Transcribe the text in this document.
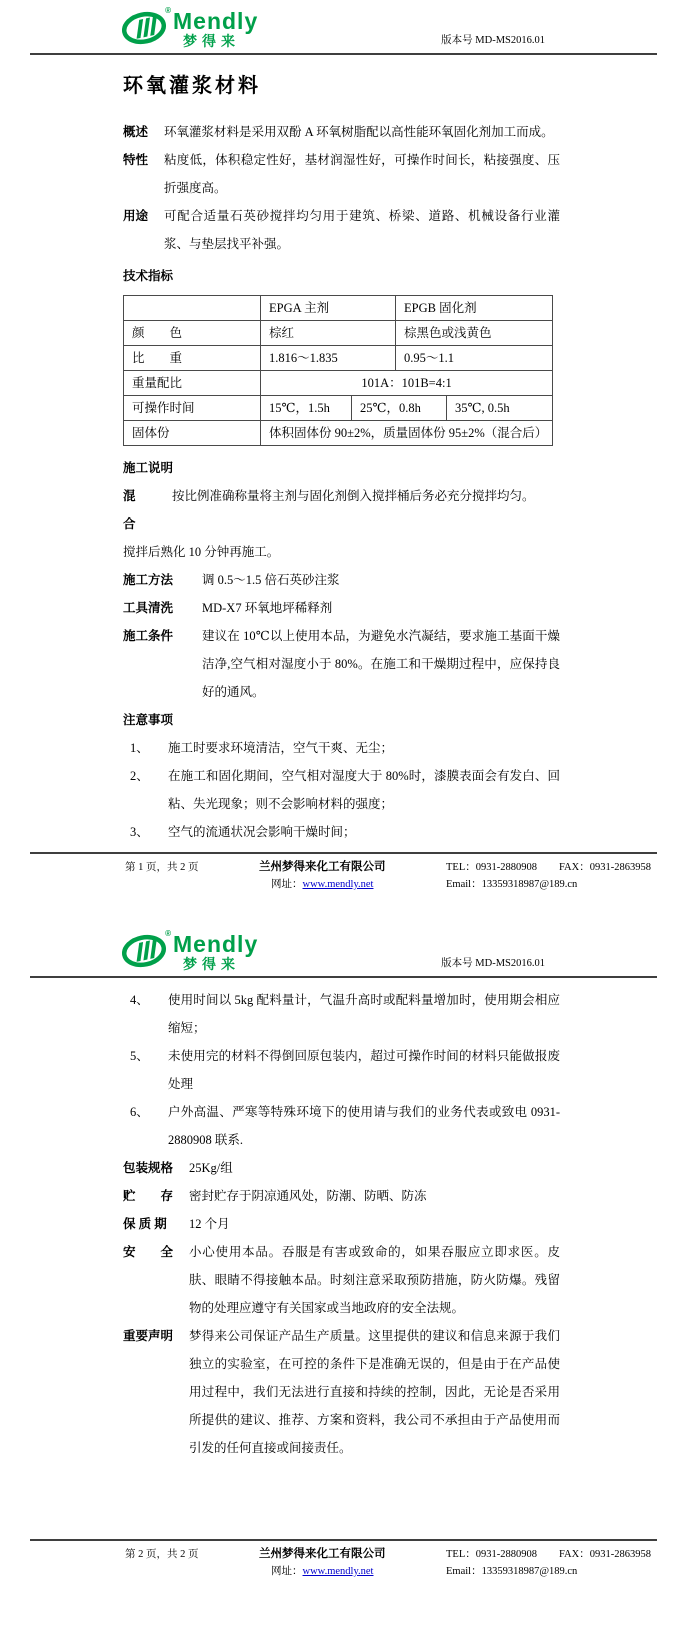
® Mendly
梦得来	版本号 MD-MS2016.01
环氧灌浆材料
概述	环氧灌浆材料是采用双酚 A 环氧树脂配以高性能环氧固化剂加工而成。
特性	粘度低，体积稳定性好，基材润湿性好，可操作时间长，粘接强度、压折强度高。
用途	可配合适量石英砂搅拌均匀用于建筑、桥梁、道路、机械设备行业灌浆、与垫层找平补强。
技术指标
	EPGA 主剂		EPGB 固化剂	
颜　　色	棕红		棕黑色或浅黄色	
比　　重	1.816～1.835		0.95～1.1	
重量配比	101A：101B=4:1			
可操作时间	15℃，1.5h	25℃，0.8h		35℃, 0.5h
固体份	体积固体份 90±2%，质量固体份 95±2%（混合后）			
施工说明
混　　合
按比例准确称量将主剂与固化剂倒入搅拌桶后务必充分搅拌均匀。
搅拌后熟化 10 分钟再施工。
施工方法	调 0.5～1.5 倍石英砂注浆
工具清洗	MD-X7 环氧地坪稀释剂
施工条件	建议在 10℃以上使用本品，为避免水汽凝结，要求施工基面干燥洁净,空气相对湿度小于 80%。在施工和干燥期过程中，应保持良好的通风。
注意事项
1、	施工时要求环境清洁，空气干爽、无尘；
2、	在施工和固化期间，空气相对湿度大于 80%时，漆膜表面会有发白、回粘、失光现象；则不会影响材料的强度；
3、	空气的流通状况会影响干燥时间；
第 1 页，共 2 页	兰州梦得来化工有限公司
网址：www.mendly.net
TEL：0931-2880908 FAX：0931-2863958
Email：13359318987@189.cn
® Mendly
梦得来	版本号 MD-MS2016.01
4、	使用时间以 5kg 配料量计，气温升高时或配料量增加时，使用期会相应缩短；
5、	未使用完的材料不得倒回原包装内，超过可操作时间的材料只能做报废处理
6、	户外高温、严寒等特殊环境下的使用请与我们的业务代表或致电 0931-2880908 联系.
包装规格	25Kg/组
贮　　存	密封贮存于阴凉通风处，防潮、防晒、防冻
保 质 期	12 个月
安　　全	小心使用本品。吞服是有害或致命的，如果吞服应立即求医。皮肤、眼睛不得接触本品。时刻注意采取预防措施，防火防爆。残留物的处理应遵守有关国家或当地政府的安全法规。
重要声明	梦得来公司保证产品生产质量。这里提供的建议和信息来源于我们独立的实验室，在可控的条件下是准确无误的，但是由于在产品使用过程中，我们无法进行直接和持续的控制，因此，无论是否采用所提供的建议、推荐、方案和资料，我公司不承担由于产品使用而引发的任何直接或间接责任。
第 2 页，共 2 页	兰州梦得来化工有限公司
网址：www.mendly.net
TEL：0931-2880908 FAX：0931-2863958
Email：13359318987@189.cn
